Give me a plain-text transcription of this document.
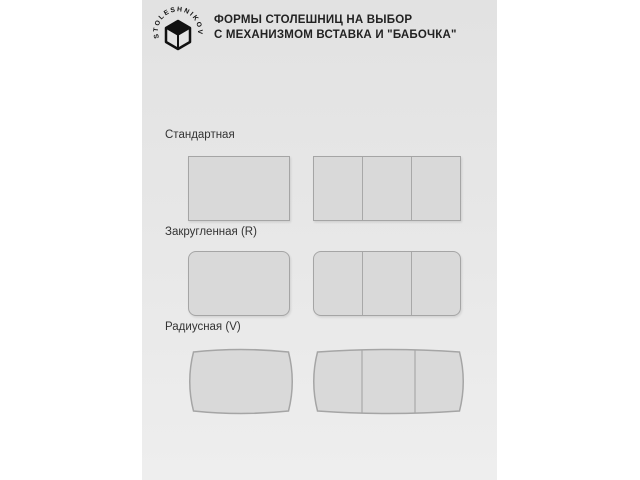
STOLESHNIKOV
ФОРМЫ СТОЛЕШНИЦ НА ВЫБОР
С МЕХАНИЗМОМ ВСТАВКА И "БАБОЧКА"
Стандартная
Закругленная (R)
Радиусная (V)
